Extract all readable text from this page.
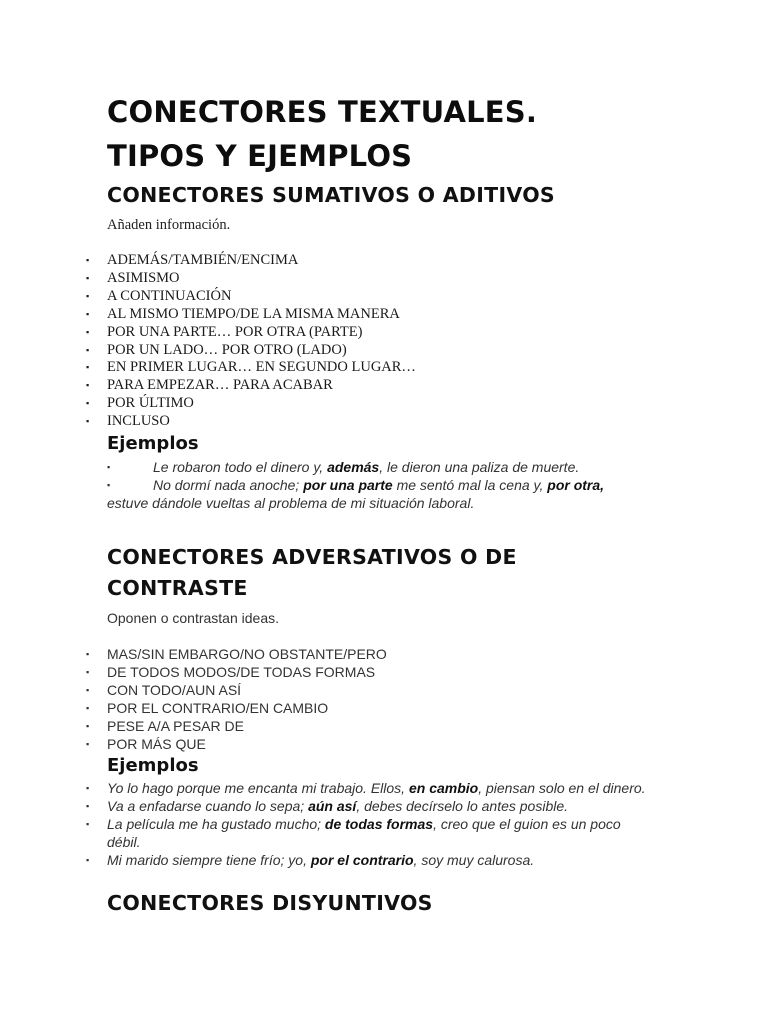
CONECTORES TEXTUALES.
TIPOS Y EJEMPLOS
CONECTORES SUMATIVOS O ADITIVOS

Añaden información.

▪ ADEMÁS/TAMBIÉN/ENCIMA
▪ ASIMISMO
▪ A CONTINUACIÓN
▪ AL MISMO TIEMPO/DE LA MISMA MANERA
▪ POR UNA PARTE… POR OTRA (PARTE)
▪ POR UN LADO… POR OTRO (LADO)
▪ EN PRIMER LUGAR… EN SEGUNDO LUGAR…
▪ PARA EMPEZAR… PARA ACABAR
▪ POR ÚLTIMO
▪ INCLUSO
Ejemplos
▪	Le robaron todo el dinero y, además, le dieron una paliza de muerte.
▪	No dormí nada anoche; por una parte me sentó mal la cena y, por otra, estuve dándole vueltas al problema de mi situación laboral.
CONECTORES ADVERSATIVOS O DE
CONTRASTE

Oponen o contrastan ideas.

▪ MAS/SIN EMBARGO/NO OBSTANTE/PERO
▪ DE TODOS MODOS/DE TODAS FORMAS
▪ CON TODO/AUN ASÍ
▪ POR EL CONTRARIO/EN CAMBIO
▪ PESE A/A PESAR DE
▪ POR MÁS QUE
Ejemplos
▪ Yo lo hago porque me encanta mi trabajo. Ellos, en cambio, piensan solo en el dinero.
▪ Va a enfadarse cuando lo sepa; aún así, debes decírselo lo antes posible.
▪ La película me ha gustado mucho; de todas formas, creo que el guion es un poco débil.
▪ Mi marido siempre tiene frío; yo, por el contrario, soy muy calurosa.
CONECTORES DISYUNTIVOS
